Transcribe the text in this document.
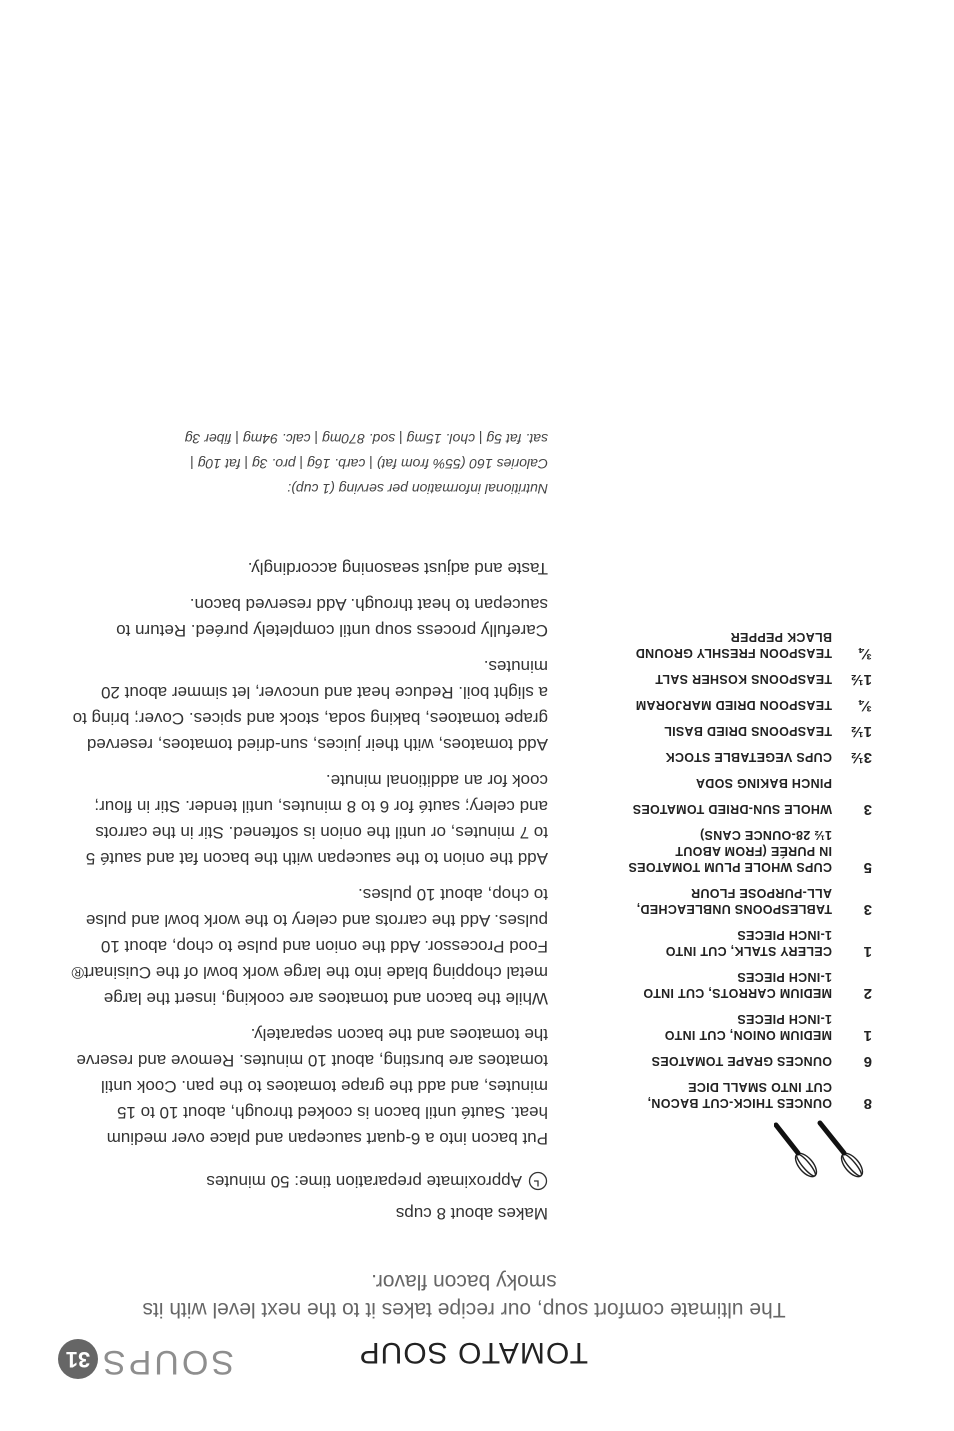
SOUPS
31	TOMATO SOUP
The ultimate comfort soup, our recipe takes it to the next level with its smoky bacon flavor.
Makes about 8 cups
Approximate preparation time: 50 minutes

Put bacon into a 6-quart saucepan and place over medium heat. Sauté until bacon is cooked through, about 10 to 15 minutes, and add the grape tomatoes to the pan. Cook until tomatoes are bursting, about 10 minutes. Remove and reserve the tomatoes and the bacon separately.

While the bacon and tomatoes are cooking, insert the large metal chopping blade into the large work bowl of the Cuisinart® Food Processor. Add the onion and pulse to chop, about 10 pulses. Add the carrots and celery to the work bowl and pulse to chop, about 10 pulses.

Add the onion to the saucepan with the bacon fat and sauté 5 to 7 minutes, or until the onion is softened. Stir in the carrots and celery; sauté for 6 to 8 minutes, until tender. Stir in flour; cook for an additional minute.

Add tomatoes, with their juices, sun-dried tomatoes, reserved grape tomatoes, baking soda, stock and spices. Cover; bring to a slight boil. Reduce heat and uncover, let simmer about 20 minutes.

Carefully process soup until completely puréed. Return to saucepan to heat through. Add reserved bacon.

Taste and adjust seasoning accordingly.

Nutritional information per serving (1 cup):
Calories 160 (55% from fat) | carb. 16g | pro. 3g | fat 10g |
sat. fat 5g | chol. 15mg | sod. 870mg | calc. 94mg | fiber 3g
8
OUNCES THICK-CUT BACON,
CUT INTO SMALL DICE
6
OUNCES GRAPE TOMATOES
1
MEDIUM ONION, CUT INTO
1-INCH PIECES
2
MEDIUM CARROTS, CUT INTO
1-INCH PIECES
1
CELERY STALK, CUT INTO
1-INCH PIECES
3
TABLESPOONS UNBLEACHED,
ALL-PURPOSE FLOUR
5
CUPS WHOLE PLUM TOMATOES
IN PURÉE (FROM ABOUT
1½ 28-OUNCE CANS)
3
WHOLE SUN-DRIED TOMATOES
PINCH BAKING SODA
3½
CUPS VEGETABLE STOCK
1½
TEASPOONS DRIED BASIL
¾
TEASPOON DRIED MARJORAM
1½
TEASPOONS KOSHER SALT
¾
TEASPOON FRESHLY GROUND
BLACK PEPPER
